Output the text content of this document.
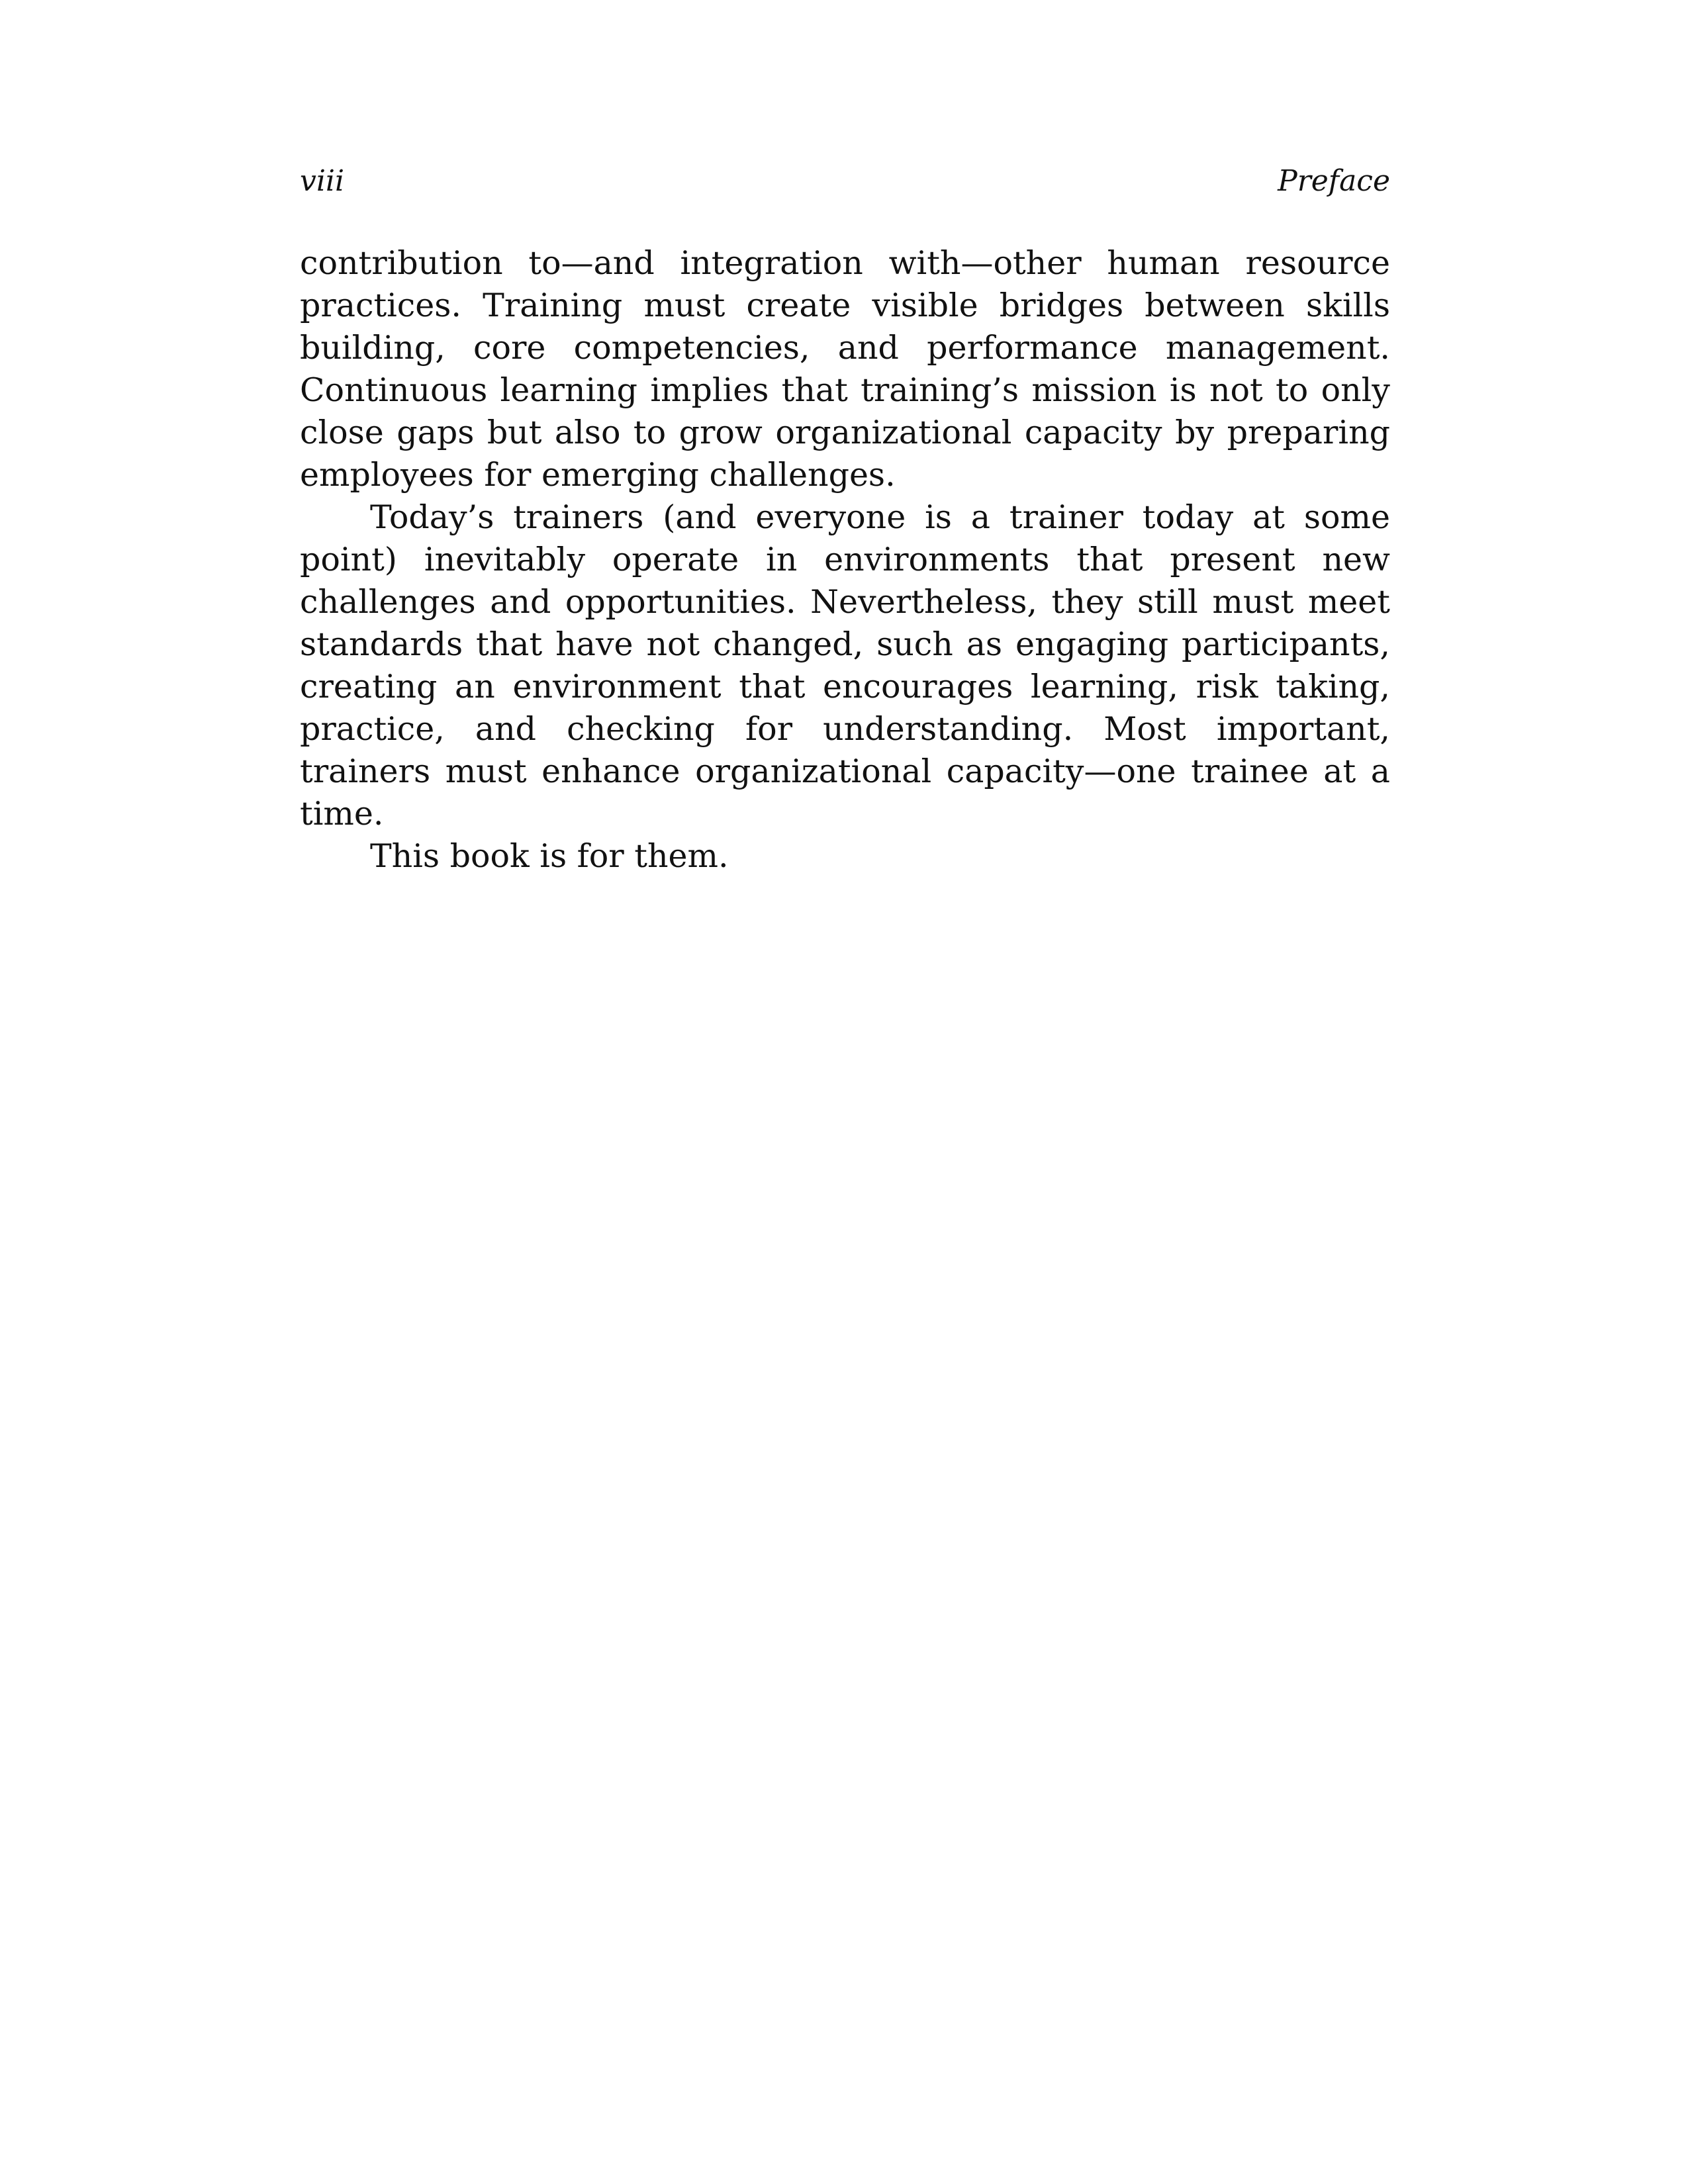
viii	Preface

contribution to—and integration with—other human resource practices. Training must create visible bridges between skills building, core competencies, and performance management. Continuous learning implies that training’s mission is not to only close gaps but also to grow organizational capacity by preparing employees for emerging challenges.

Today’s trainers (and everyone is a trainer today at some point) inevitably operate in environments that present new challenges and opportunities. Nevertheless, they still must meet standards that have not changed, such as engaging participants, creating an environment that encourages learning, risk taking, practice, and checking for understanding. Most important, trainers must enhance organizational capacity—one trainee at a time.

This book is for them.
